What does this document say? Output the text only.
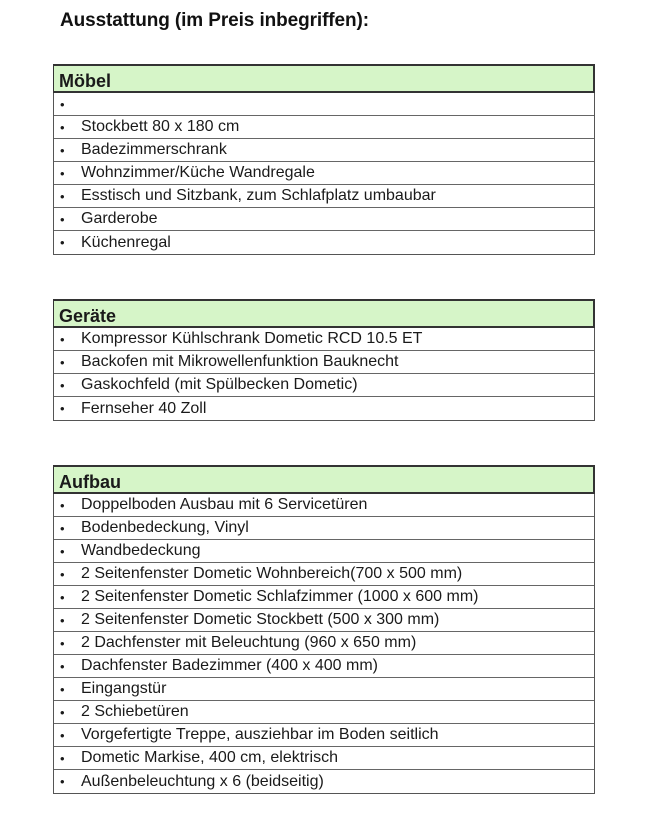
Ausstattung (im Preis inbegriffen):
Möbel
•
•	Stockbett 80 x 180 cm
•	Badezimmerschrank
•	Wohnzimmer/Küche Wandregale
•	Esstisch und Sitzbank, zum Schlafplatz umbaubar
•	Garderobe
•	Küchenregal
Geräte
•	Kompressor Kühlschrank Dometic RCD 10.5 ET
•	Backofen mit Mikrowellenfunktion Bauknecht
•	Gaskochfeld (mit Spülbecken Dometic)
•	Fernseher 40 Zoll
Aufbau
•	Doppelboden Ausbau mit 6 Servicetüren
•	Bodenbedeckung, Vinyl
•	Wandbedeckung
•	2 Seitenfenster Dometic Wohnbereich(700 x 500 mm)
•	2 Seitenfenster Dometic Schlafzimmer (1000 x 600 mm)
•	2 Seitenfenster Dometic Stockbett (500 x 300 mm)
•	2 Dachfenster mit Beleuchtung (960 x 650 mm)
•	Dachfenster Badezimmer (400 x 400 mm)
•	Eingangstür
•	2 Schiebetüren
•	Vorgefertigte Treppe, ausziehbar im Boden seitlich
•	Dometic Markise, 400 cm, elektrisch
•	Außenbeleuchtung x 6 (beidseitig)
